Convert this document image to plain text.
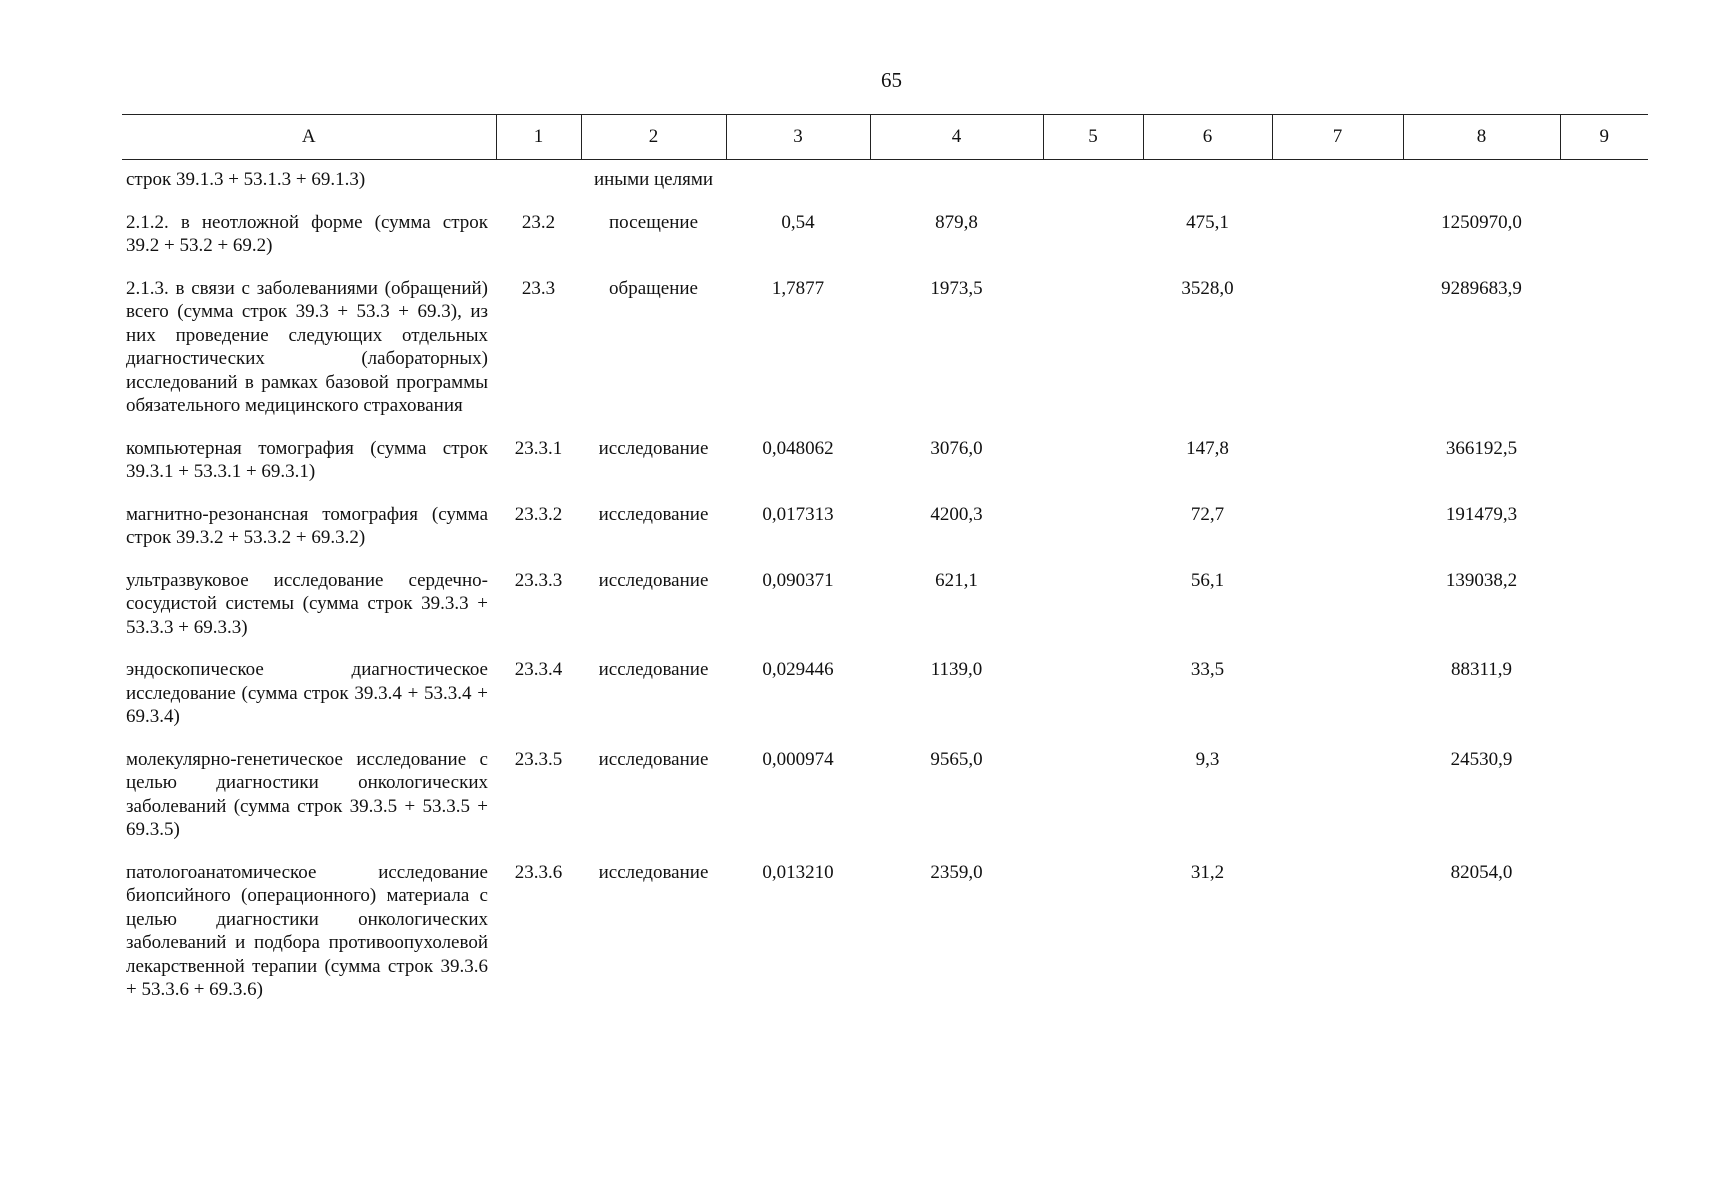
65
А	1	2	3	4	5	6	7	8	9
строк 39.1.3 + 53.1.3 + 69.1.3)		иными целями							
2.1.2. в неотложной форме (сумма строк 39.2 + 53.2 + 69.2)	23.2	посещение	0,54	879,8		475,1		1250970,0	
2.1.3. в связи с заболеваниями (обращений) всего (сумма строк 39.3 + 53.3 + 69.3), из них проведение следующих отдельных диагностических (лабораторных) исследований в рамках базовой программы обязательного медицинского страхования	23.3	обращение	1,7877	1973,5		3528,0		9289683,9	
компьютерная томография (сумма строк 39.3.1 + 53.3.1 + 69.3.1)	23.3.1	исследование	0,048062	3076,0		147,8		366192,5	
магнитно-резонансная томография (сумма строк 39.3.2 + 53.3.2 + 69.3.2)	23.3.2	исследование	0,017313	4200,3		72,7		191479,3	
ультразвуковое исследование сердечно-сосудистой системы (сумма строк 39.3.3 + 53.3.3 + 69.3.3)	23.3.3	исследование	0,090371	621,1		56,1		139038,2	
эндоскопическое диагностическое исследование (сумма строк 39.3.4 + 53.3.4 + 69.3.4)	23.3.4	исследование	0,029446	1139,0		33,5		88311,9	
молекулярно-генетическое исследование с целью диагностики онкологических заболеваний (сумма строк 39.3.5 + 53.3.5 + 69.3.5)	23.3.5	исследование	0,000974	9565,0		9,3		24530,9	
патологоанатомическое исследование биопсийного (операционного) материала с целью диагностики онкологических заболеваний и подбора противоопухолевой лекарственной терапии (сумма строк 39.3.6 + 53.3.6 + 69.3.6)	23.3.6	исследование	0,013210	2359,0		31,2		82054,0	
